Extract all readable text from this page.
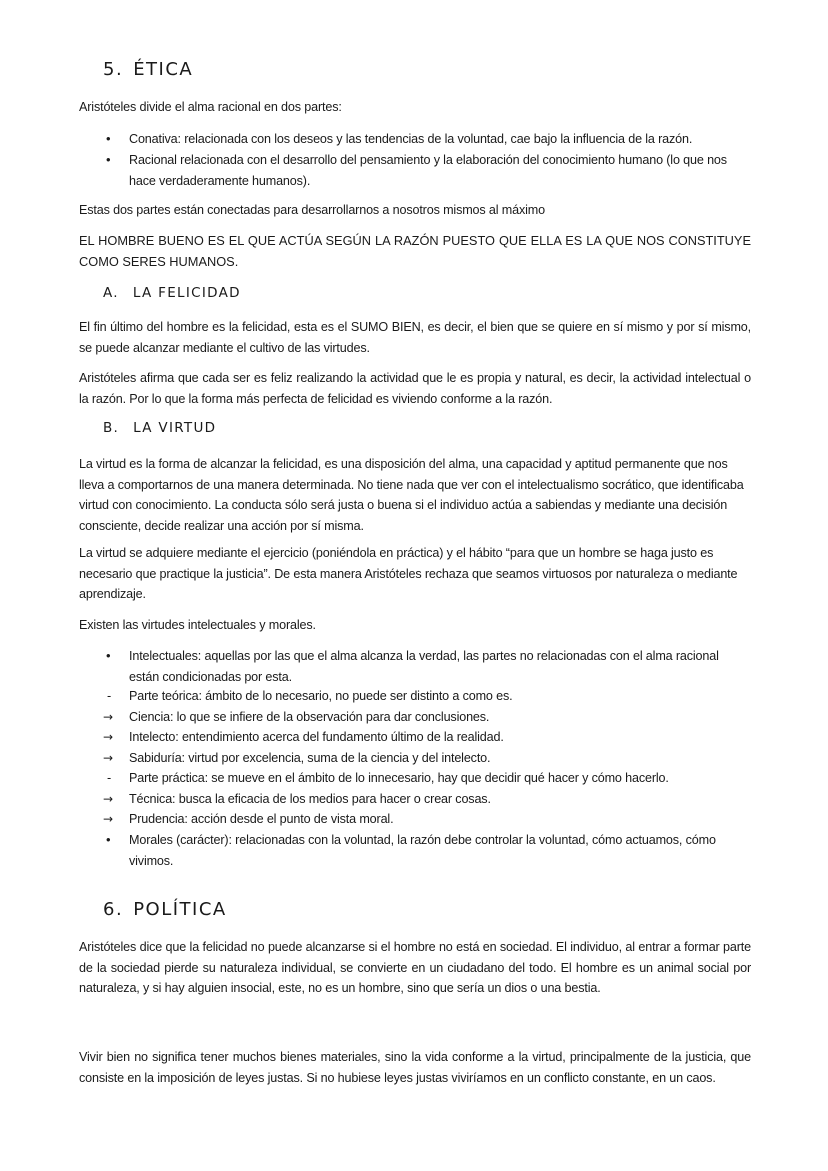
5. ÉTICA

Aristóteles divide el alma racional en dos partes:

•	Conativa: relacionada con los deseos y las tendencias de la voluntad, cae bajo la influencia de la razón.
•	Racional relacionada con el desarrollo del pensamiento y la elaboración del conocimiento humano (lo que nos hace verdaderamente humanos).

Estas dos partes están conectadas para desarrollarnos a nosotros mismos al máximo

EL HOMBRE BUENO ES EL QUE ACTÚA SEGÚN LA RAZÓN PUESTO QUE ELLA ES LA QUE NOS CONSTITUYE COMO SERES HUMANOS.

A. LA FELICIDAD

El fin último del hombre es la felicidad, esta es el SUMO BIEN, es decir, el bien que se quiere en sí mismo y por sí mismo, se puede alcanzar mediante el cultivo de las virtudes.

Aristóteles afirma que cada ser es feliz realizando la actividad que le es propia y natural, es decir, la actividad intelectual o la razón. Por lo que la forma más perfecta de felicidad es viviendo conforme a la razón.

B. LA VIRTUD

La virtud es la forma de alcanzar la felicidad, es una disposición del alma, una capacidad y aptitud permanente que nos lleva a comportarnos de una manera determinada. No tiene nada que ver con el intelectualismo socrático, que identificaba virtud con conocimiento. La conducta sólo será justa o buena si el individuo actúa a sabiendas y mediante una decisión consciente, decide realizar una acción por sí misma.

La virtud se adquiere mediante el ejercicio (poniéndola en práctica) y el hábito “para que un hombre se haga justo es necesario que practique la justicia”. De esta manera Aristóteles rechaza que seamos virtuosos por naturaleza o mediante aprendizaje.

Existen las virtudes intelectuales y morales.

•	Intelectuales: aquellas por las que el alma alcanza la verdad, las partes no relacionadas con el alma racional están condicionadas por esta.
-	Parte teórica: ámbito de lo necesario, no puede ser distinto a como es.
→	Ciencia: lo que se infiere de la observación para dar conclusiones.
→	Intelecto: entendimiento acerca del fundamento último de la realidad.
→	Sabiduría: virtud por excelencia, suma de la ciencia y del intelecto.
-	Parte práctica: se mueve en el ámbito de lo innecesario, hay que decidir qué hacer y cómo hacerlo.
→	Técnica: busca la eficacia de los medios para hacer o crear cosas.
→	Prudencia: acción desde el punto de vista moral.
•	Morales (carácter): relacionadas con la voluntad, la razón debe controlar la voluntad, cómo actuamos, cómo vivimos.
6. POLÍTICA

Aristóteles dice que la felicidad no puede alcanzarse si el hombre no está en sociedad. El individuo, al entrar a formar parte de la sociedad pierde su naturaleza individual, se convierte en un ciudadano del todo. El hombre es un animal social por naturaleza, y si hay alguien insocial, este, no es un hombre, sino que sería un dios o una bestia.

Vivir bien no significa tener muchos bienes materiales, sino la vida conforme a la virtud, principalmente de la justicia, que consiste en la imposición de leyes justas. Si no hubiese leyes justas viviríamos en un conflicto constante, en un caos.
